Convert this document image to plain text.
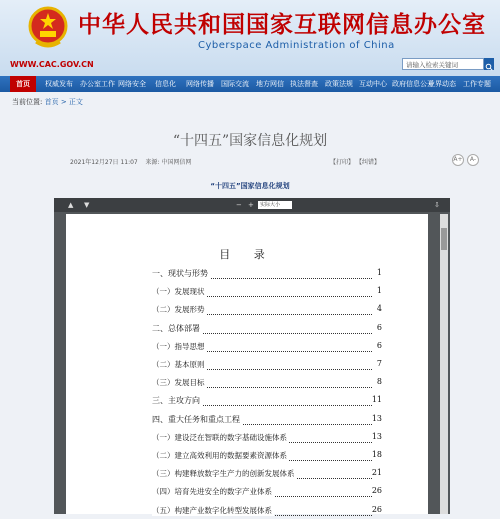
中华人民共和国国家互联网信息办公室
Cyberspace Administration of China
WWW.CAC.GOV.CN	请输入检索关键词
首页	权威发布 办公室工作 网络安全 信息化 网络传播 国际交流 地方网信 执法督查 政策法规 互动中心 政府信息公开
业界动态 工作专题
当前位置: 首页 > 正文
“十四五”国家信息化规划
2021年12月27日 11:07 来源: 中国网信网	【打印】 【纠错】	A+	A-
“十四五”国家信息化规划
▲ ▼	− +	实际大小	⇩
目 录
一、现状与形势	1
（一）发展现状	1
（二）发展形势	4
二、总体部署	6
（一）指导思想	6
（二）基本原则	7
（三）发展目标	8
三、主攻方向	11
四、重大任务和重点工程	13
（一）建设泛在智联的数字基础设施体系	13
（二）建立高效利用的数据要素资源体系	18
（三）构建释放数字生产力的创新发展体系	21
（四）培育先进安全的数字产业体系	26
（五）构建产业数字化转型发展体系	26
